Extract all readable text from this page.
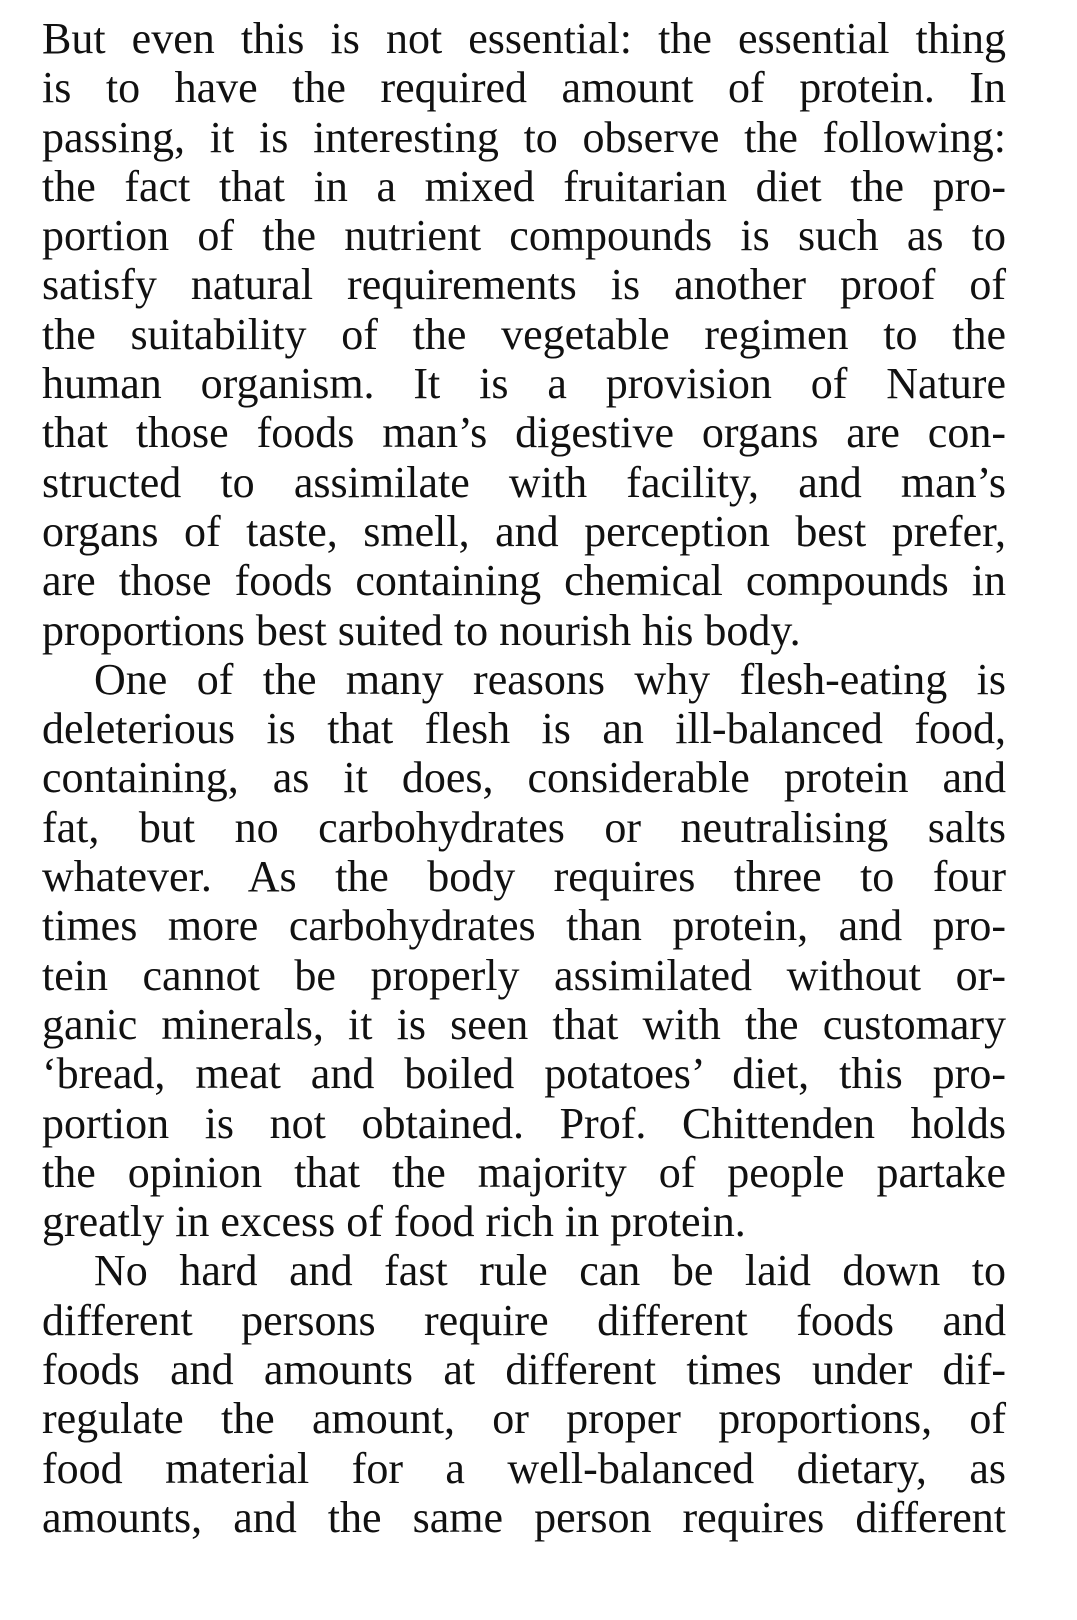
But even this is not essential: the essential thing
is to have the required amount of protein. In
passing, it is interesting to observe the following:
the fact that in a mixed fruitarian diet the pro-
portion of the nutrient compounds is such as to
satisfy natural requirements is another proof of
the suitability of the vegetable regimen to the
human organism. It is a provision of Nature
that those foods man’s digestive organs are con-
structed to assimilate with facility, and man’s
organs of taste, smell, and perception best prefer,
are those foods containing chemical compounds in
proportions best suited to nourish his body.
One of the many reasons why flesh-eating is
deleterious is that flesh is an ill-balanced food,
containing, as it does, considerable protein and
fat, but no carbohydrates or neutralising salts
whatever. As the body requires three to four
times more carbohydrates than protein, and pro-
tein cannot be properly assimilated without or-
ganic minerals, it is seen that with the customary
‘bread, meat and boiled potatoes’ diet, this pro-
portion is not obtained. Prof. Chittenden holds
the opinion that the majority of people partake
greatly in excess of food rich in protein.
No hard and fast rule can be laid down to
different persons require different foods and
foods and amounts at different times under dif-
regulate the amount, or proper proportions, of
food material for a well-balanced dietary, as
amounts, and the same person requires different
